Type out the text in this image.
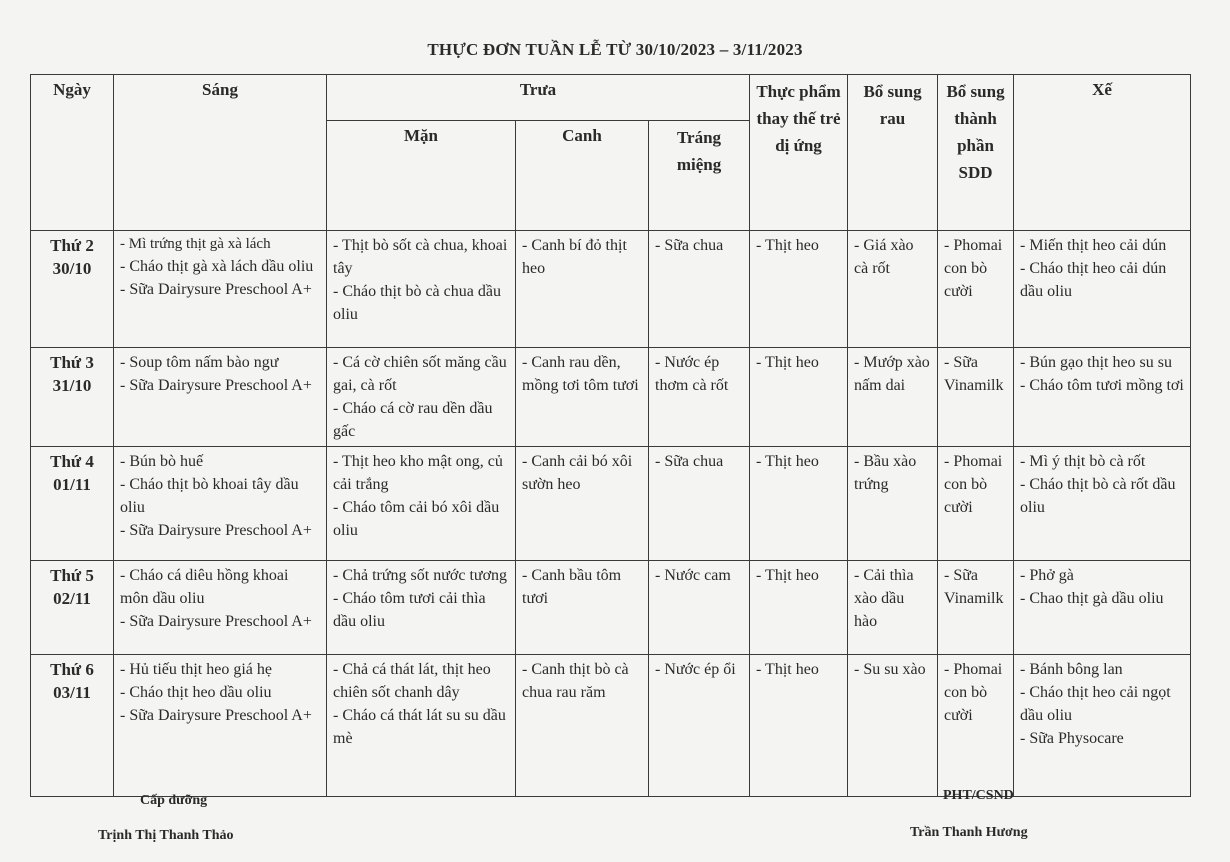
THỰC ĐƠN TUẦN LỄ TỪ 30/10/2023 – 3/11/2023
Ngày	Sáng	Trưa			Thực phẩm thay thế trẻ dị ứng	Bổ sung rau	Bổ sung thành phần SDD	Xế
		Mặn	Canh	Tráng miệng				

Thứ 2
30/10	- Mì trứng thịt gà xà lách
- Cháo thịt gà xà lách dầu oliu
- Sữa Dairysure Preschool A+	- Thịt bò sốt cà chua, khoai tây
- Cháo thịt bò cà chua dầu oliu	- Canh bí đỏ thịt heo	- Sữa chua	- Thịt heo	- Giá xào cà rốt	- Phomai con bò cười	- Miến thịt heo cải dún
- Cháo thịt heo cải dún dầu oliu

Thứ 3
31/10	- Soup tôm nấm bào ngư
- Sữa Dairysure Preschool A+	- Cá cờ chiên sốt măng cầu gai, cà rốt
- Cháo cá cờ rau dền dầu gấc	- Canh rau dền, mồng tơi tôm tươi	- Nước ép thơm cà rốt	- Thịt heo	- Mướp xào nấm dai	- Sữa Vinamilk	- Bún gạo thịt heo su su
- Cháo tôm tươi mồng tơi

Thứ 4
01/11	- Bún bò huế
- Cháo thịt bò khoai tây dầu oliu
- Sữa Dairysure Preschool A+	- Thịt heo kho mật ong, củ cải trắng
- Cháo tôm cải bó xôi dầu oliu	- Canh cải bó xôi sườn heo	- Sữa chua	- Thịt heo	- Bầu xào trứng	- Phomai con bò cười	- Mì ý thịt bò cà rốt
- Cháo thịt bò cà rốt dầu oliu

Thứ 5
02/11	- Cháo cá diêu hồng khoai môn dầu oliu
- Sữa Dairysure Preschool A+	- Chả trứng sốt nước tương
- Cháo tôm tươi cải thìa dầu oliu	- Canh bầu tôm tươi	- Nước cam	- Thịt heo	- Cải thìa xào dầu hào	- Sữa Vinamilk	- Phở gà
- Chao thịt gà dầu oliu

Thứ 6
03/11	- Hủ tiếu thịt heo giá hẹ
- Cháo thịt heo dầu oliu
- Sữa Dairysure Preschool A+	- Chả cá thát lát, thịt heo chiên sốt chanh dây
- Cháo cá thát lát su su dầu mè	- Canh thịt bò cà chua rau răm	- Nước ép ổi	- Thịt heo	- Su su xào	- Phomai con bò cười	- Bánh bông lan
- Cháo thịt heo cải ngọt dầu oliu
- Sữa Physocare
Cấp dưỡng
Trịnh Thị Thanh Thảo
PHT/CSND
Trần Thanh Hương
